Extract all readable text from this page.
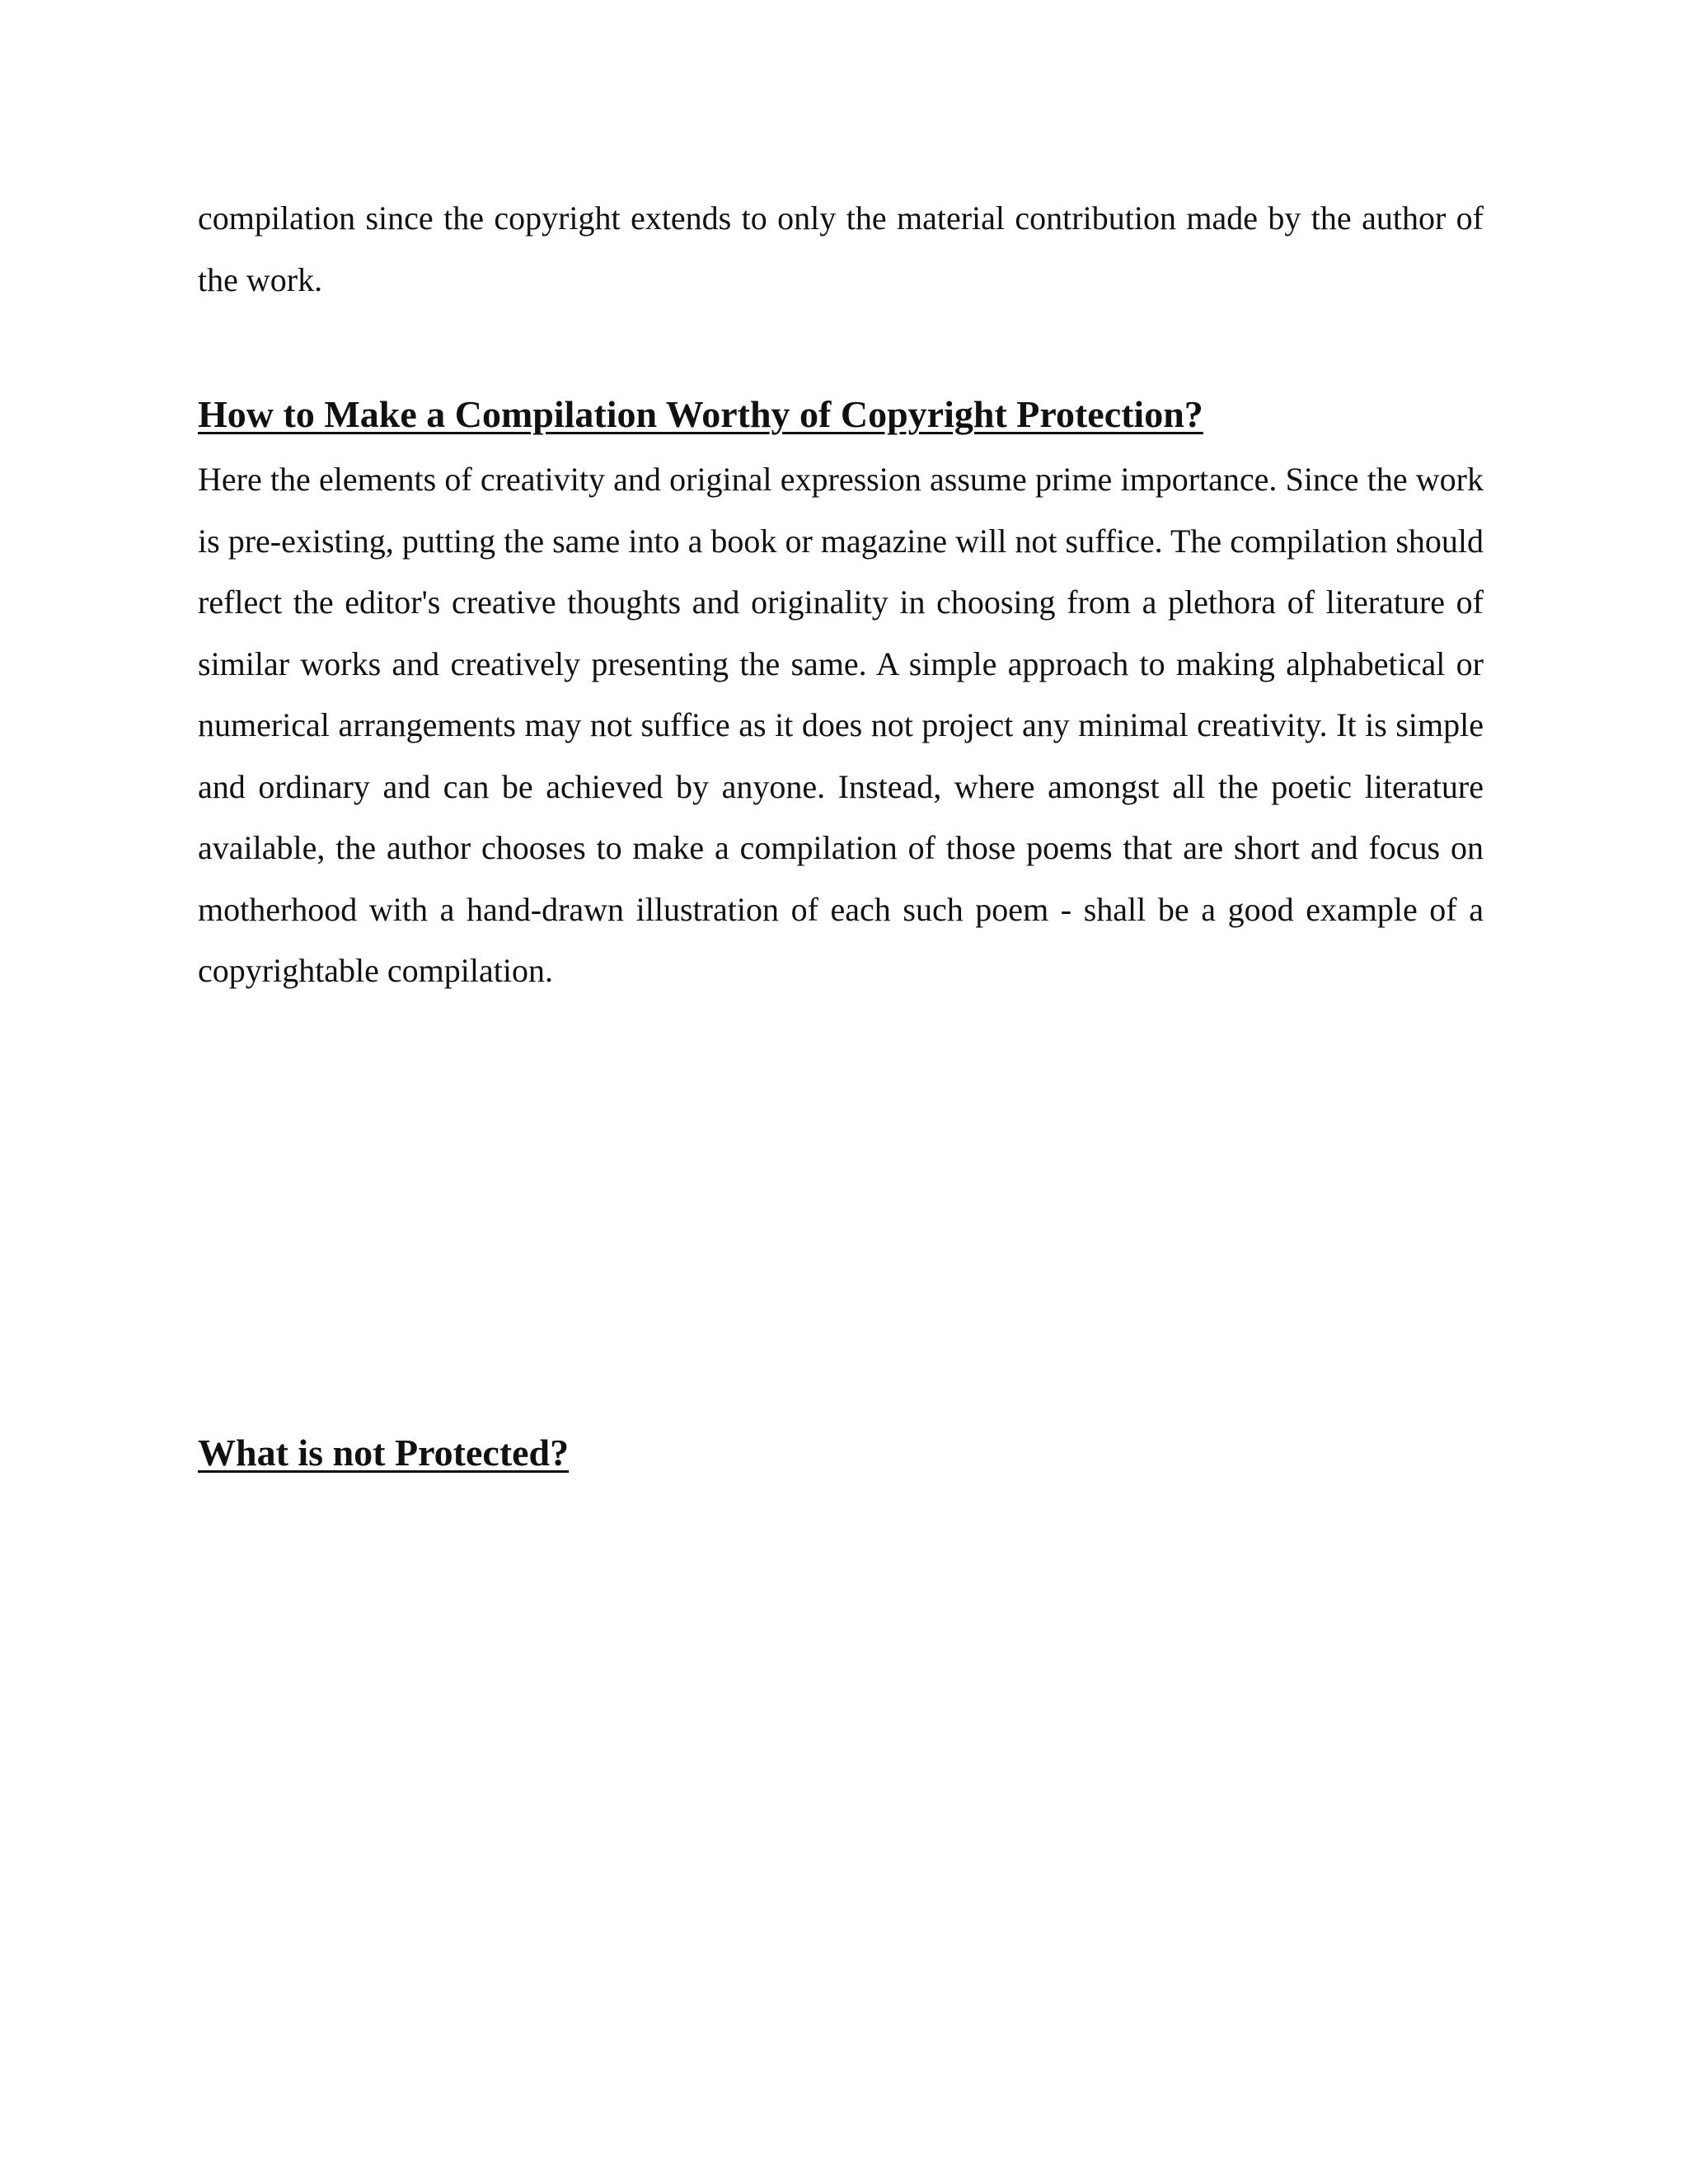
compilation since the copyright extends to only the material contribution made by the author of the work.

How to Make a Compilation Worthy of Copyright Protection?

Here the elements of creativity and original expression assume prime importance. Since the work is pre-existing, putting the same into a book or magazine will not suffice. The compilation should reflect the editor's creative thoughts and originality in choosing from a plethora of literature of similar works and creatively presenting the same. A simple approach to making alphabetical or numerical arrangements may not suffice as it does not project any minimal creativity. It is simple and ordinary and can be achieved by anyone. Instead, where amongst all the poetic literature available, the author chooses to make a compilation of those poems that are short and focus on motherhood with a hand-drawn illustration of each such poem - shall be a good example of a copyrightable compilation.

What is not Protected?
